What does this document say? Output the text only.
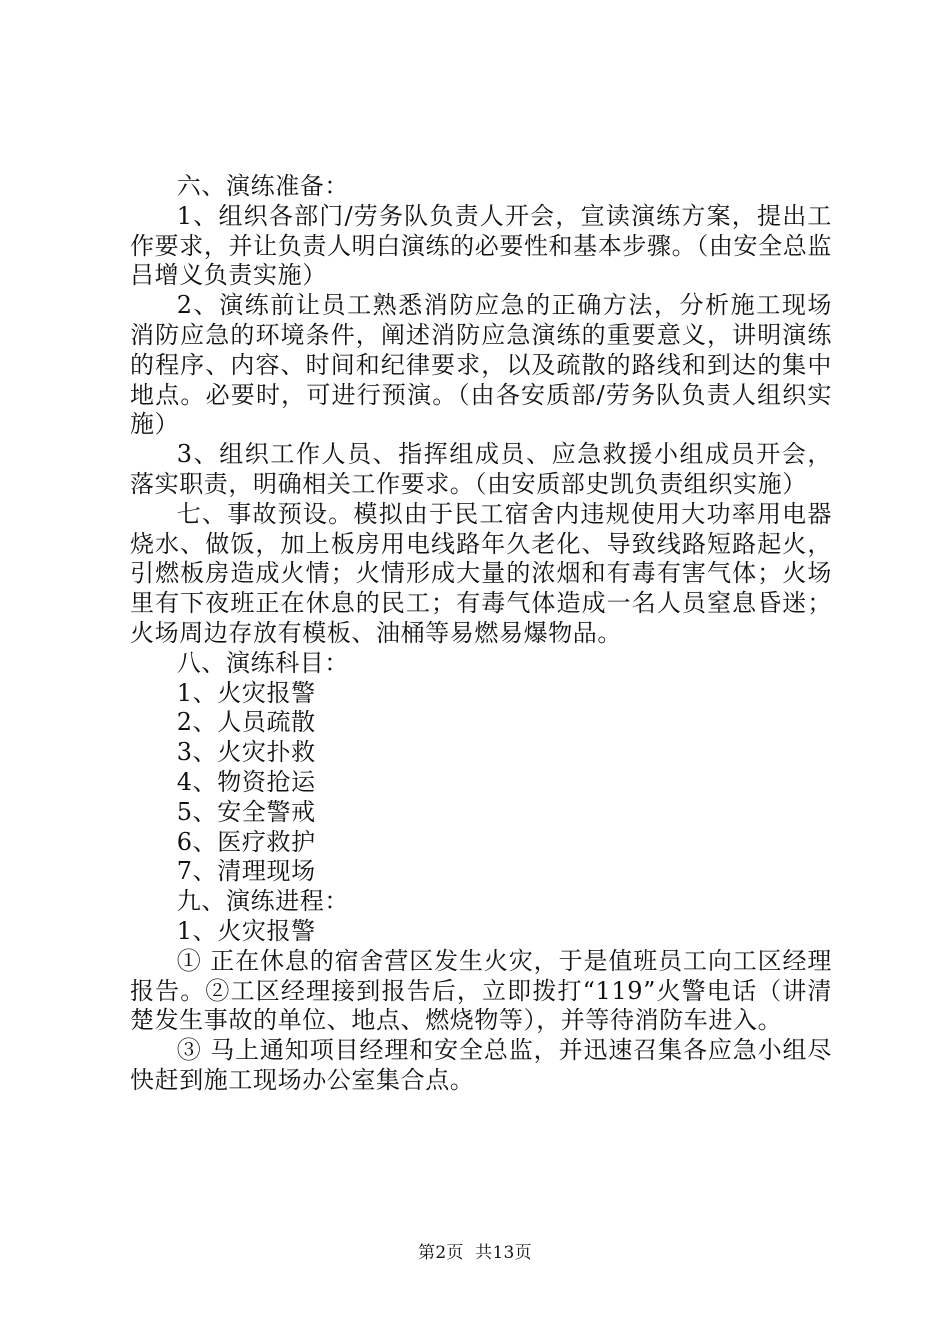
六、演练准备：

1、组织各部门/劳务队负责人开会，宣读演练方案，提出工作要求，并让负责人明白演练的必要性和基本步骤。（由安全总监吕增义负责实施）

2、演练前让员工熟悉消防应急的正确方法，分析施工现场消防应急的环境条件，阐述消防应急演练的重要意义，讲明演练的程序、内容、时间和纪律要求，以及疏散的路线和到达的集中地点。必要时，可进行预演。（由各安质部/劳务队负责人组织实施）

3、组织工作人员、指挥组成员、应急救援小组成员开会，落实职责，明确相关工作要求。（由安质部史凯负责组织实施）

七、事故预设。模拟由于民工宿舍内违规使用大功率用电器烧水、做饭，加上板房用电线路年久老化、导致线路短路起火，引燃板房造成火情；火情形成大量的浓烟和有毒有害气体；火场里有下夜班正在休息的民工；有毒气体造成一名人员窒息昏迷；火场周边存放有模板、油桶等易燃易爆物品。

八、演练科目：

1、火灾报警

2、人员疏散

3、火灾扑救

4、物资抢运

5、安全警戒

6、医疗救护

7、清理现场

九、演练进程：

1、火灾报警

① 正在休息的宿舍营区发生火灾，于是值班员工向工区经理报告。②工区经理接到报告后，立即拨打“119”火警电话（讲清楚发生事故的单位、地点、燃烧物等），并等待消防车进入。

③ 马上通知项目经理和安全总监，并迅速召集各应急小组尽快赶到施工现场办公室集合点。

第2页  共13页
